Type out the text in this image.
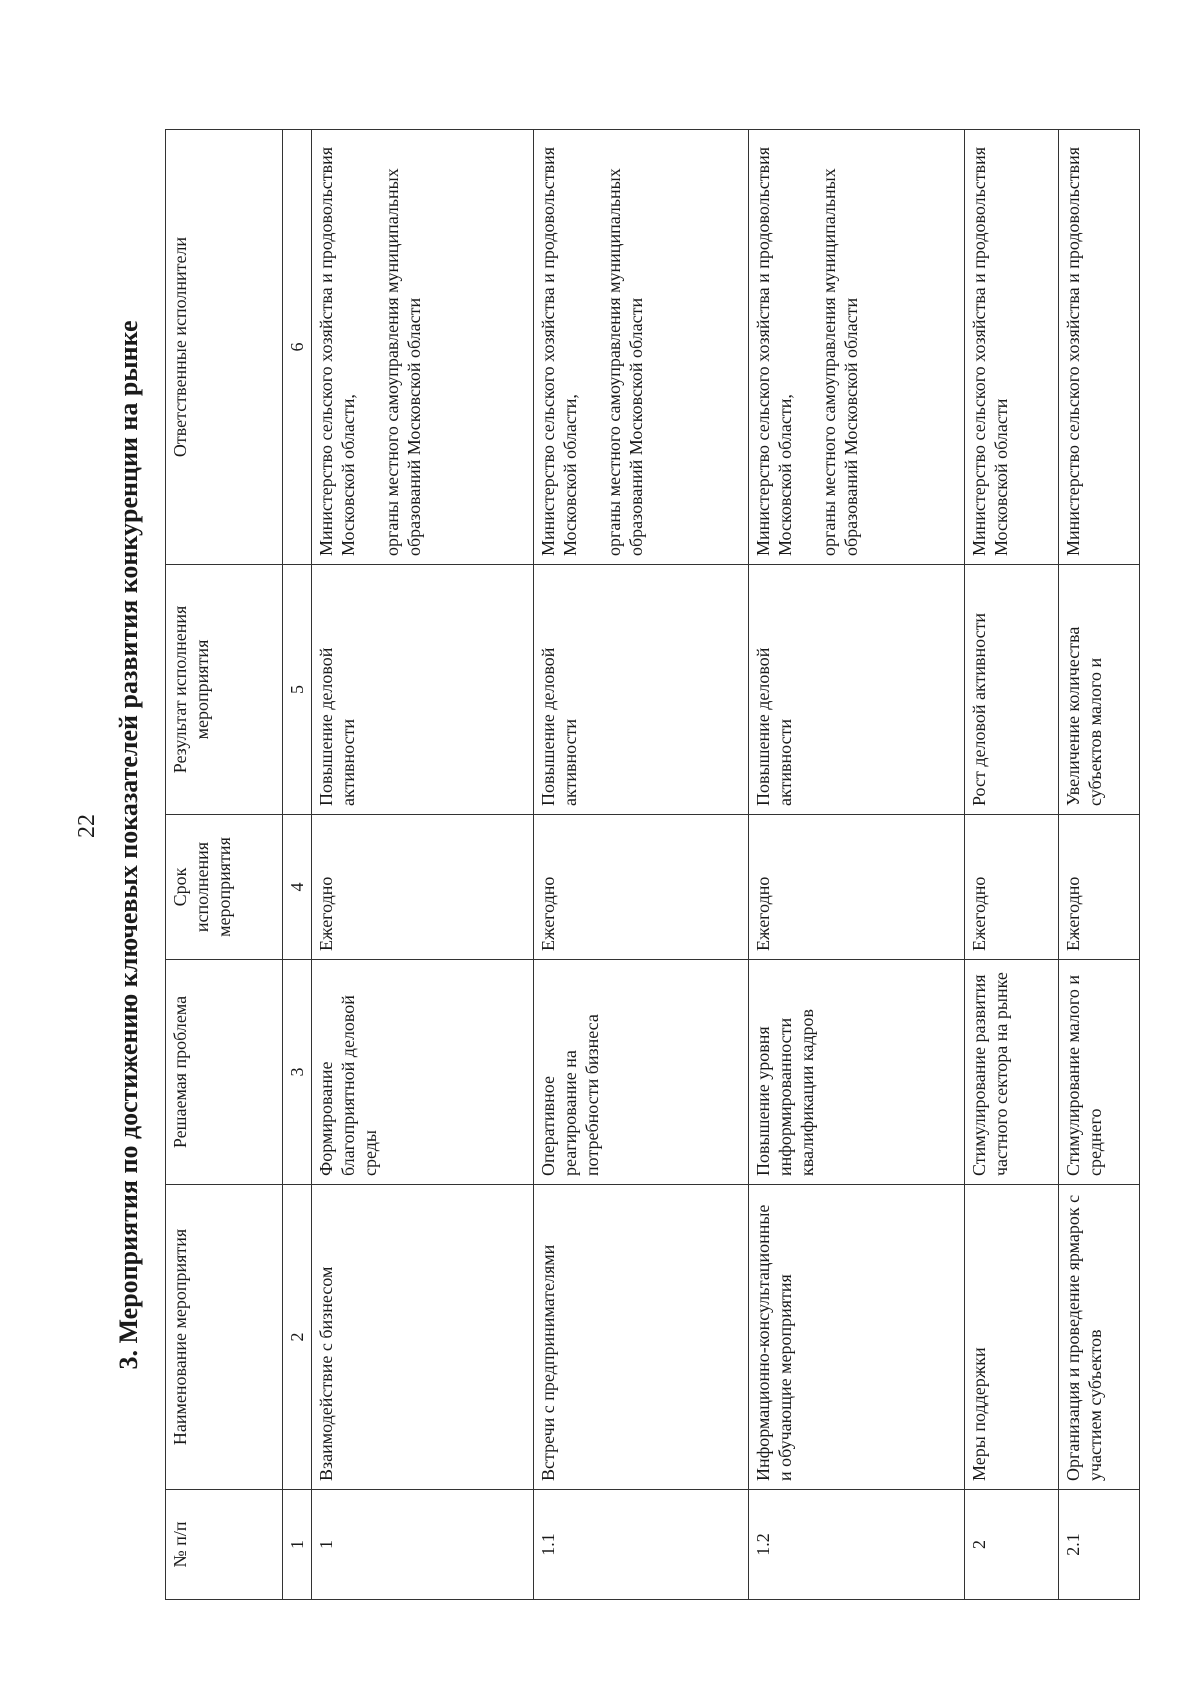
22 3. Мероприятия по достижению ключевых показателей развития конкуренции на рынке
№ п/п	Наименование мероприятия	Решаемая проблема	Срок исполнения мероприятия	Результат исполнения мероприятия	Ответственные исполнители
1	2	3	4	5	6
1	Взаимодействие с бизнесом	Формирование благоприятной деловой среды	Ежегодно	Повышение деловой активности	Министерство сельского хозяйства и продовольствия Московской области, органы местного самоуправления муниципальных образований Московской области

1.1	Встречи с предпринимателями	Оперативное реагирование на потребности бизнеса	Ежегодно	Повышение деловой активности	Министерство сельского хозяйства и продовольствия Московской области, органы местного самоуправления муниципальных образований Московской области

1.2	Информационно-консультационные и обучающие мероприятия	Повышение уровня информированности квалификации кадров	Ежегодно	Повышение деловой активности	Министерство сельского хозяйства и продовольствия Московской области, органы местного самоуправления муниципальных образований Московской области

2	Меры поддержки	Стимулирование развития частного сектора на рынке	Ежегодно	Рост деловой активности	Министерство сельского хозяйства и продовольствия Московской области

2.1	Организация и проведение ярмарок с участием субъектов	Стимулирование малого и среднего	Ежегодно	Увеличение количества субъектов малого и	Министерство сельского хозяйства и продовольствия
